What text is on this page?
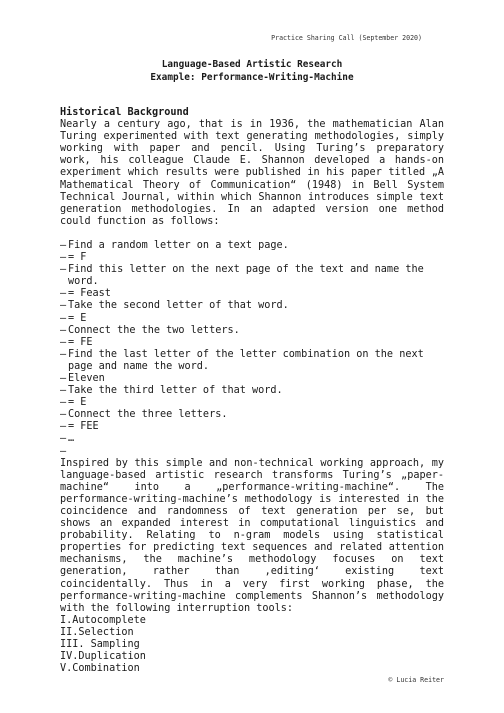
Practice Sharing Call (September 2020)
Language-Based Artistic Research
Example: Performance-Writing-Machine
Historical Background
Nearly a century ago, that is in 1936, the mathematician Alan Turing experimented with text generating methodologies, simply working with paper and pencil. Using Turing’s preparatory work, his colleague Claude E. Shannon developed a hands-on experiment which results were published in his paper titled „A Mathematical Theory of Communication“ (1948) in Bell System Technical Journal, within which Shannon introduces simple text generation methodologies. In an adapted version one method could function as follows:
– Find a random letter on a text page.
– = F
– Find this letter on the next page of the text and name the word.
– = Feast
– Take the second letter of that word.
– = E
– Connect the the two letters.
– = FE
– Find the last letter of the letter combination on the next page and name the word.
– Eleven
– Take the third letter of that word.
– = E
– Connect the three letters.
– = FEE
– …
–
Inspired by this simple and non-technical working approach, my language-based artistic research transforms Turing’s „paper-machine“ into a „performance-writing-machine“. The performance-writing-machine’s methodology is interested in the coincidence and randomness of text generation per se, but shows an expanded interest in computational linguistics and probability. Relating to n-gram models using statistical properties for predicting text sequences and related attention mechanisms, the machine’s methodology focuses on text generation, rather than ‚editing‘ existing text coincidentally. Thus in a very first working phase, the performance-writing-machine complements Shannon’s methodology with the following interruption tools:
I.Autocomplete
II.Selection
III. Sampling
IV.Duplication
V.Combination
© Lucia Reiter
